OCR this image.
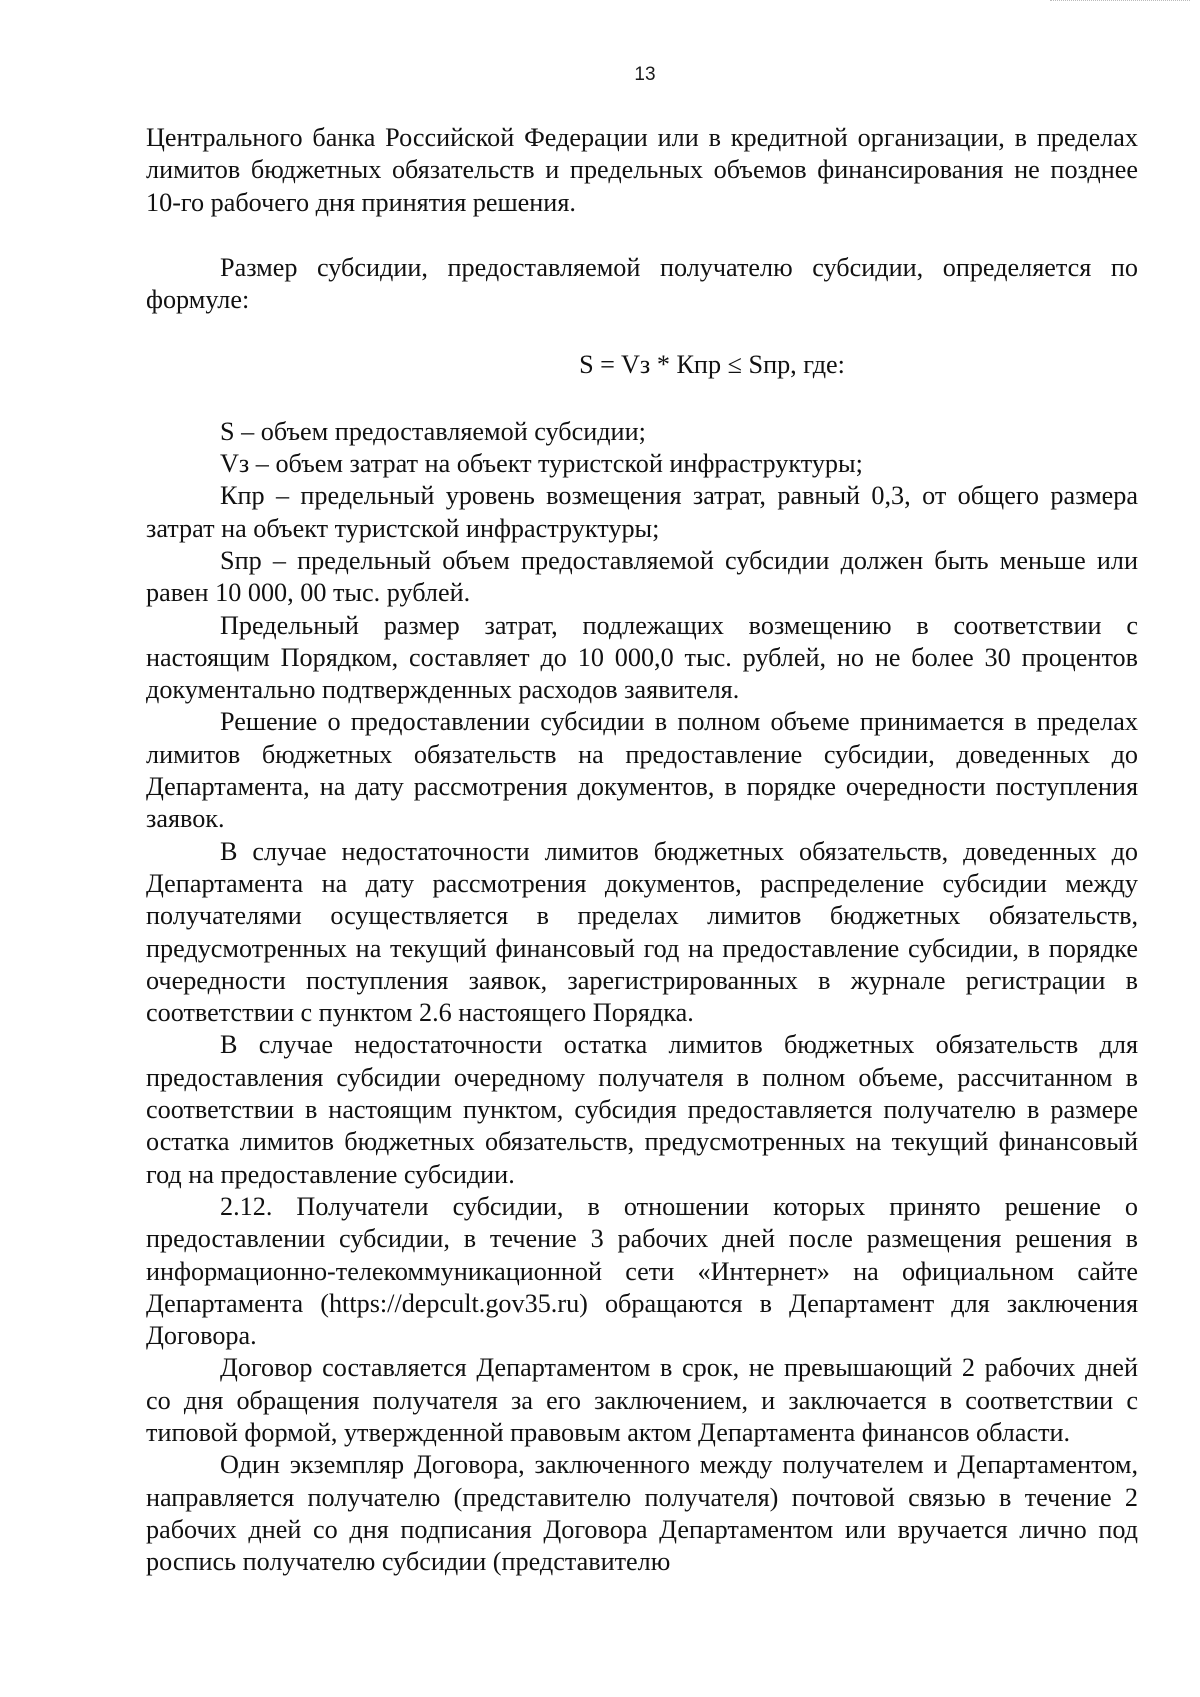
13

Центрального банка Российской Федерации или в кредитной организации, в пределах лимитов бюджетных обязательств и предельных объемов финансирования не позднее 10-го рабочего дня принятия решения.

Размер субсидии, предоставляемой получателю субсидии, определяется по формуле:

S = Vз * Кпр ≤ Sпр, где:

S – объем предоставляемой субсидии;

Vз – объем затрат на объект туристской инфраструктуры;

Кпр – предельный уровень возмещения затрат, равный 0,3, от общего размера затрат на объект туристской инфраструктуры;

Sпр – предельный объем предоставляемой субсидии должен быть меньше или равен 10 000, 00 тыс. рублей.

Предельный размер затрат, подлежащих возмещению в соответствии с настоящим Порядком, составляет до 10 000,0 тыс. рублей, но не более 30 процентов документально подтвержденных расходов заявителя.

Решение о предоставлении субсидии в полном объеме принимается в пределах лимитов бюджетных обязательств на предоставление субсидии, доведенных до Департамента, на дату рассмотрения документов, в порядке очередности поступления заявок.

В случае недостаточности лимитов бюджетных обязательств, доведенных до Департамента на дату рассмотрения документов, распределение субсидии между получателями осуществляется в пределах лимитов бюджетных обязательств, предусмотренных на текущий финансовый год на предоставление субсидии, в порядке очередности поступления заявок, зарегистрированных в журнале регистрации в соответствии с пунктом 2.6 настоящего Порядка.

В случае недостаточности остатка лимитов бюджетных обязательств для предоставления субсидии очередному получателя в полном объеме, рассчитанном в соответствии в настоящим пунктом, субсидия предоставляется получателю в размере остатка лимитов бюджетных обязательств, предусмотренных на текущий финансовый год на предоставление субсидии.

2.12. Получатели субсидии, в отношении которых принято решение о предоставлении субсидии, в течение 3 рабочих дней после размещения решения в информационно-телекоммуникационной сети «Интернет» на официальном сайте Департамента (https://depcult.gov35.ru) обращаются в Департамент для заключения Договора.

Договор составляется Департаментом в срок, не превышающий 2 рабочих дней со дня обращения получателя за его заключением, и заключается в соответствии с типовой формой, утвержденной правовым актом Департамента финансов области.

Один экземпляр Договора, заключенного между получателем и Департаментом, направляется получателю (представителю получателя) почтовой связью в течение 2 рабочих дней со дня подписания Договора Департаментом или вручается лично под роспись получателю субсидии (представителю
